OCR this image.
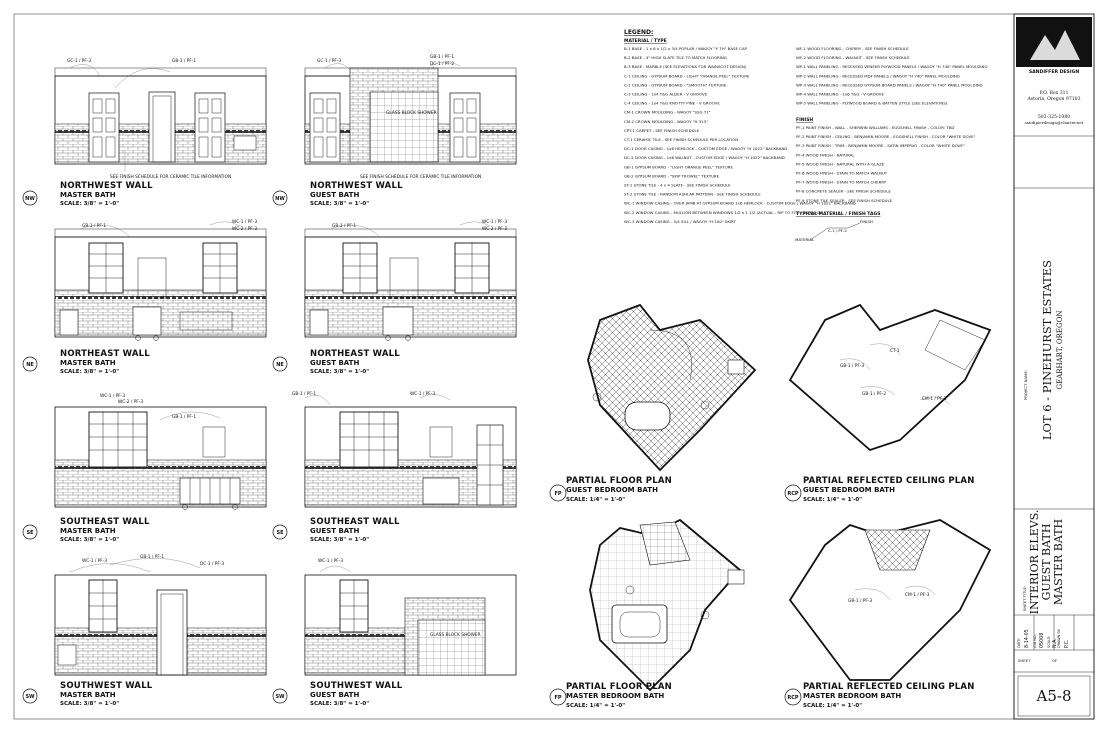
LEGEND:
MATERIAL / TYPE
B-1 BASE - 1 x 6 x 1/2 x 3/4 POPLAR / WAGOY "Y 7H" BASE CAP
B-2 BASE - 4" HIGH SLATE TILE TO MATCH FLOORING
B-3 BASE - MARBLE (SEE ELEVATIONS FOR WAINSCOT DESIGN)
C-1 CEILING - GYPSUM BOARD - LIGHT "ORANGE PEEL" TEXTURE
C-2 CEILING - GYPSUM BOARD - "SMOOTH" TEXTURE
C-3 CEILING - 1x4 T&G ALDER - V GROOVE
C-4 CEILING - 1x4 T&G KNOTTY PINE - V GROOVE
CM-1 CROWN MOULDING - WAGOY "SSG 71"
CM-2 CROWN MOULDING - WAGOY "H 313"
CPT-1 CARPET - SEE FINISH SCHEDULE
CT-1 CERAMIC TILE - SEE FINISH SCHEDULE PER LOCATION
DC-1 DOOR CASING - 1x6 HEMLOCK - CUSTOM EDGE / WAGOY "H 1022" BACKBAND
DC-2 DOOR CASING - 1x6 WALNUT - CUSTOM EDGE / WAGOY "H 1022" BACKBAND
GB-1 GYPSUM BOARD - "LIGHT ORANGE PEEL" TEXTURE
GB-2 GYPSUM BOARD - "SKIP TROWEL" TEXTURE
ST-1 STONE TILE - 4 x 4 SLATE - SEE FINISH SCHEDULE
ST-2 STONE TILE - RANDOM ASHLAR PATTERN - SEE FINISH SCHEDULE
WC-1 WINDOW CASING - OVER JAMB AT GYPSUM BOARD 1x6 HEMLOCK - CUSTOM EDGE / WAGOY "H 1022" BACKBAND
WC-2 WINDOW CASING - MULLION BETWEEN WINDOWS 1/2 x 1 1/2 (ACTUAL - RIP TO FIT) - HEMLOCK
WC-3 WINDOW CASING - 5/4 SILL / WAGOY "H 100" SKIRT
WF-1 WOOD FLOORING - CHERRY - SEE FINISH SCHEDULE
WF-2 WOOD FLOORING - WALNUT - SEE FINISH SCHEDULE
WP-1 WALL PANELING - RECESSED VENEER PLYWOOD PANELS / WAGOY "H 740" PANEL MOULDING
WP-2 WALL PANELING - RECESSED MDF PANELS / WAGOY "H 740" PANEL MOULDING
WP-3 WALL PANELING - RECESSED GYPSUM BOARD PANELS / WAGOY "H 740" PANEL MOULDING
WP-4 WALL PANELING - 1x6 T&G - V GROOVE
WP-5 WALL PANELING - PLYWOOD BOARD & BATTEN STYLE (SEE ELEVATIONS)
FINISH
PF-1 PAINT FINISH - WALL - SHERWIN WILLIAMS - EGGSHELL FINISH - COLOR: TBD
PF-2 PAINT FINISH - CEILING - BENJAMIN MOORE - EGGSHELL FINISH - COLOR "WHITE DOVE"
PF-3 PAINT FINISH - TRIM - BENJAMIN MOORE - SATIN IMPERVO - COLOR "WHITE DOVE"
PF-4 WOOD FINISH - NATURAL
PF-5 WOOD FINISH - NATURAL WITH A GLAZE
PF-6 WOOD FINISH - STAIN TO MATCH WALNUT
PF-7 WOOD FINISH - STAIN TO MATCH CHERRY
PF-8 CONCRETE SEALER - SEE FINISH SCHEDULE
PF-9 STONE TILE SEALER - SEE FINISH SCHEDULE
TYPICAL MATERIAL / FINISH TAGS
C-1 / PF-2
FINISH
MATERIAL
NW
NORTHWEST WALL
MASTER BATH
SCALE: 3/8" = 1'-0"
GC-1 / PF-3	GB-1 / PF-1
SEE FINISH SCHEDULE FOR CERAMIC TILE INFORMATION
NW
NORTHWEST WALL
GUEST BATH
SCALE: 3/8" = 1'-0"
GC-1 / PF-3
GB-1 / PF-1
DC-1 / PF-2
SEE FINISH SCHEDULE FOR CERAMIC TILE INFORMATION
GLASS BLOCK SHOWER
NE
NORTHEAST WALL
MASTER BATH
SCALE: 3/8" = 1'-0"
GB-1 / PF-1
WC-1 / PF-3
WC-2 / PF-3
NE
NORTHEAST WALL
GUEST BATH
SCALE: 3/8" = 1'-0"
GB-1 / PF-1
WC-1 / PF-3
WC-2 / PF-3
SE
SOUTHEAST WALL
MASTER BATH
SCALE: 3/8" = 1'-0"
WC-1 / PF-3
WC-2 / PF-3
GB-1 / PF-1
SE
SOUTHEAST WALL
GUEST BATH
SCALE: 3/8" = 1'-0"
GB-1 / PF-1	WC-1 / PF-3
SW
SOUTHWEST WALL
MASTER BATH
SCALE: 3/8" = 1'-0"
WC-1 / PF-3
GB-1 / PF-1
DC-1 / PF-3
SW
SOUTHWEST WALL
GUEST BATH
SCALE: 3/8" = 1'-0"
WC-1 / PF-3
GLASS BLOCK SHOWER
FP
PARTIAL FLOOR PLAN
GUEST BEDROOM BATH
SCALE: 1/4" = 1'-0"
RCP
PARTIAL REFLECTED CEILING PLAN
GUEST BEDROOM BATH
SCALE: 1/4" = 1'-0"
CT-1
GB-1 / PF-3
GB-1 / PF-2
CM-1 / PF-3
FP
PARTIAL FLOOR PLAN
MASTER BEDROOM BATH
SCALE: 1/4" = 1'-0"
RCP
PARTIAL REFLECTED CEILING PLAN
MASTER BEDROOM BATH
SCALE: 1/4" = 1'-0"
GB-1 / PF-3
CM-1 / PF-3
SANDIFFER DESIGN
P.O. Box 311
Astoria, Oregon 97103
503-325-1080
sandipierdesign@charter.net
PROJECT NAME: LOT 6 - PINEHURST ESTATES GEARHART, OREGON
SHEET TITLE: INTERIOR ELEVS. GUEST BATH MASTER BATH
DATE: 8-14-05 JOB NO: 05008 SCALE: N.A. DRAWN BY: P.C.
SHEET	OF
A5-8
